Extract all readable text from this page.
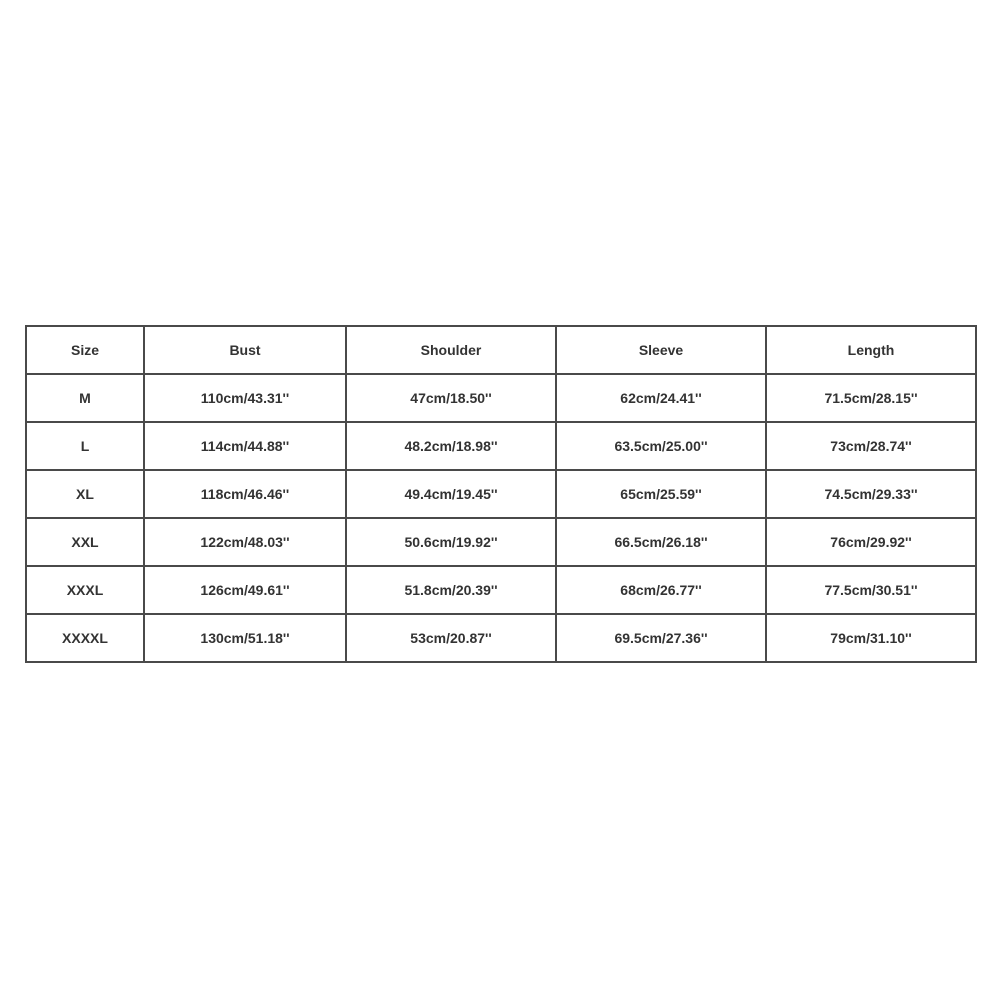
Size	Bust	Shoulder	Sleeve	Length
M	110cm/43.31''	47cm/18.50''	62cm/24.41''	71.5cm/28.15''
L	114cm/44.88''	48.2cm/18.98''	63.5cm/25.00''	73cm/28.74''
XL	118cm/46.46''	49.4cm/19.45''	65cm/25.59''	74.5cm/29.33''
XXL	122cm/48.03''	50.6cm/19.92''	66.5cm/26.18''	76cm/29.92''
XXXL	126cm/49.61''	51.8cm/20.39''	68cm/26.77''	77.5cm/30.51''
XXXXL	130cm/51.18''	53cm/20.87''	69.5cm/27.36''	79cm/31.10''
